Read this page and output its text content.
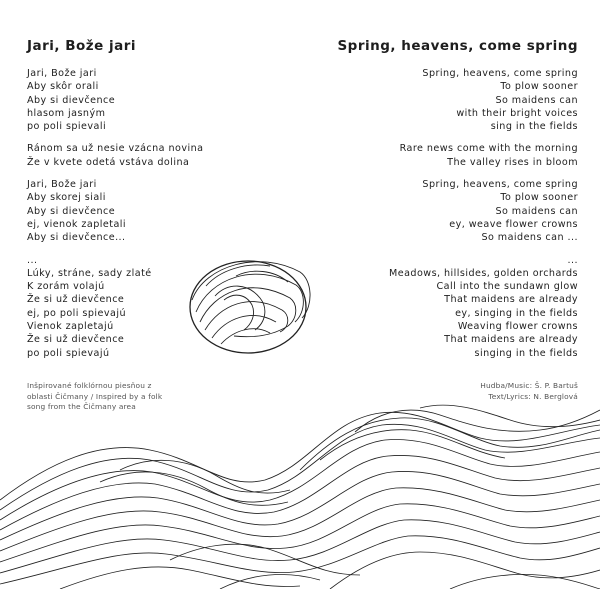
Jari, Bože jari
Jari, Bože jari
Aby skôr orali
Aby si dievčence
hlasom jasným
po poli spievali
Ránom sa už nesie vzácna novina
Že v kvete odetá vstáva dolina
Jari, Bože jari
Aby skorej siali
Aby si dievčence
ej, vienok zapletali
Aby si dievčence...
...
Lúky, stráne, sady zlaté
K zorám volajú
Že si už dievčence
ej, po poli spievajú
Vienok zapletajú
Že si už dievčence
po poli spievajú
Spring, heavens, come spring
Spring, heavens, come spring
To plow sooner
So maidens can
with their bright voices
sing in the fields
Rare news come with the morning
The valley rises in bloom
Spring, heavens, come spring
To plow sooner
So maidens can
ey, weave flower crowns
So maidens can ...
...
Meadows, hillsides, golden orchards
Call into the sundawn glow
That maidens are already
ey, singing in the fields
Weaving flower crowns
That maidens are already
singing in the fields
Inšpirované folklórnou piesňou z
oblasti Čičmany / Inspired by a folk
song from the Čičmany area
Hudba/Music: Š. P. Bartuš
Text/Lyrics: N. Berglová
